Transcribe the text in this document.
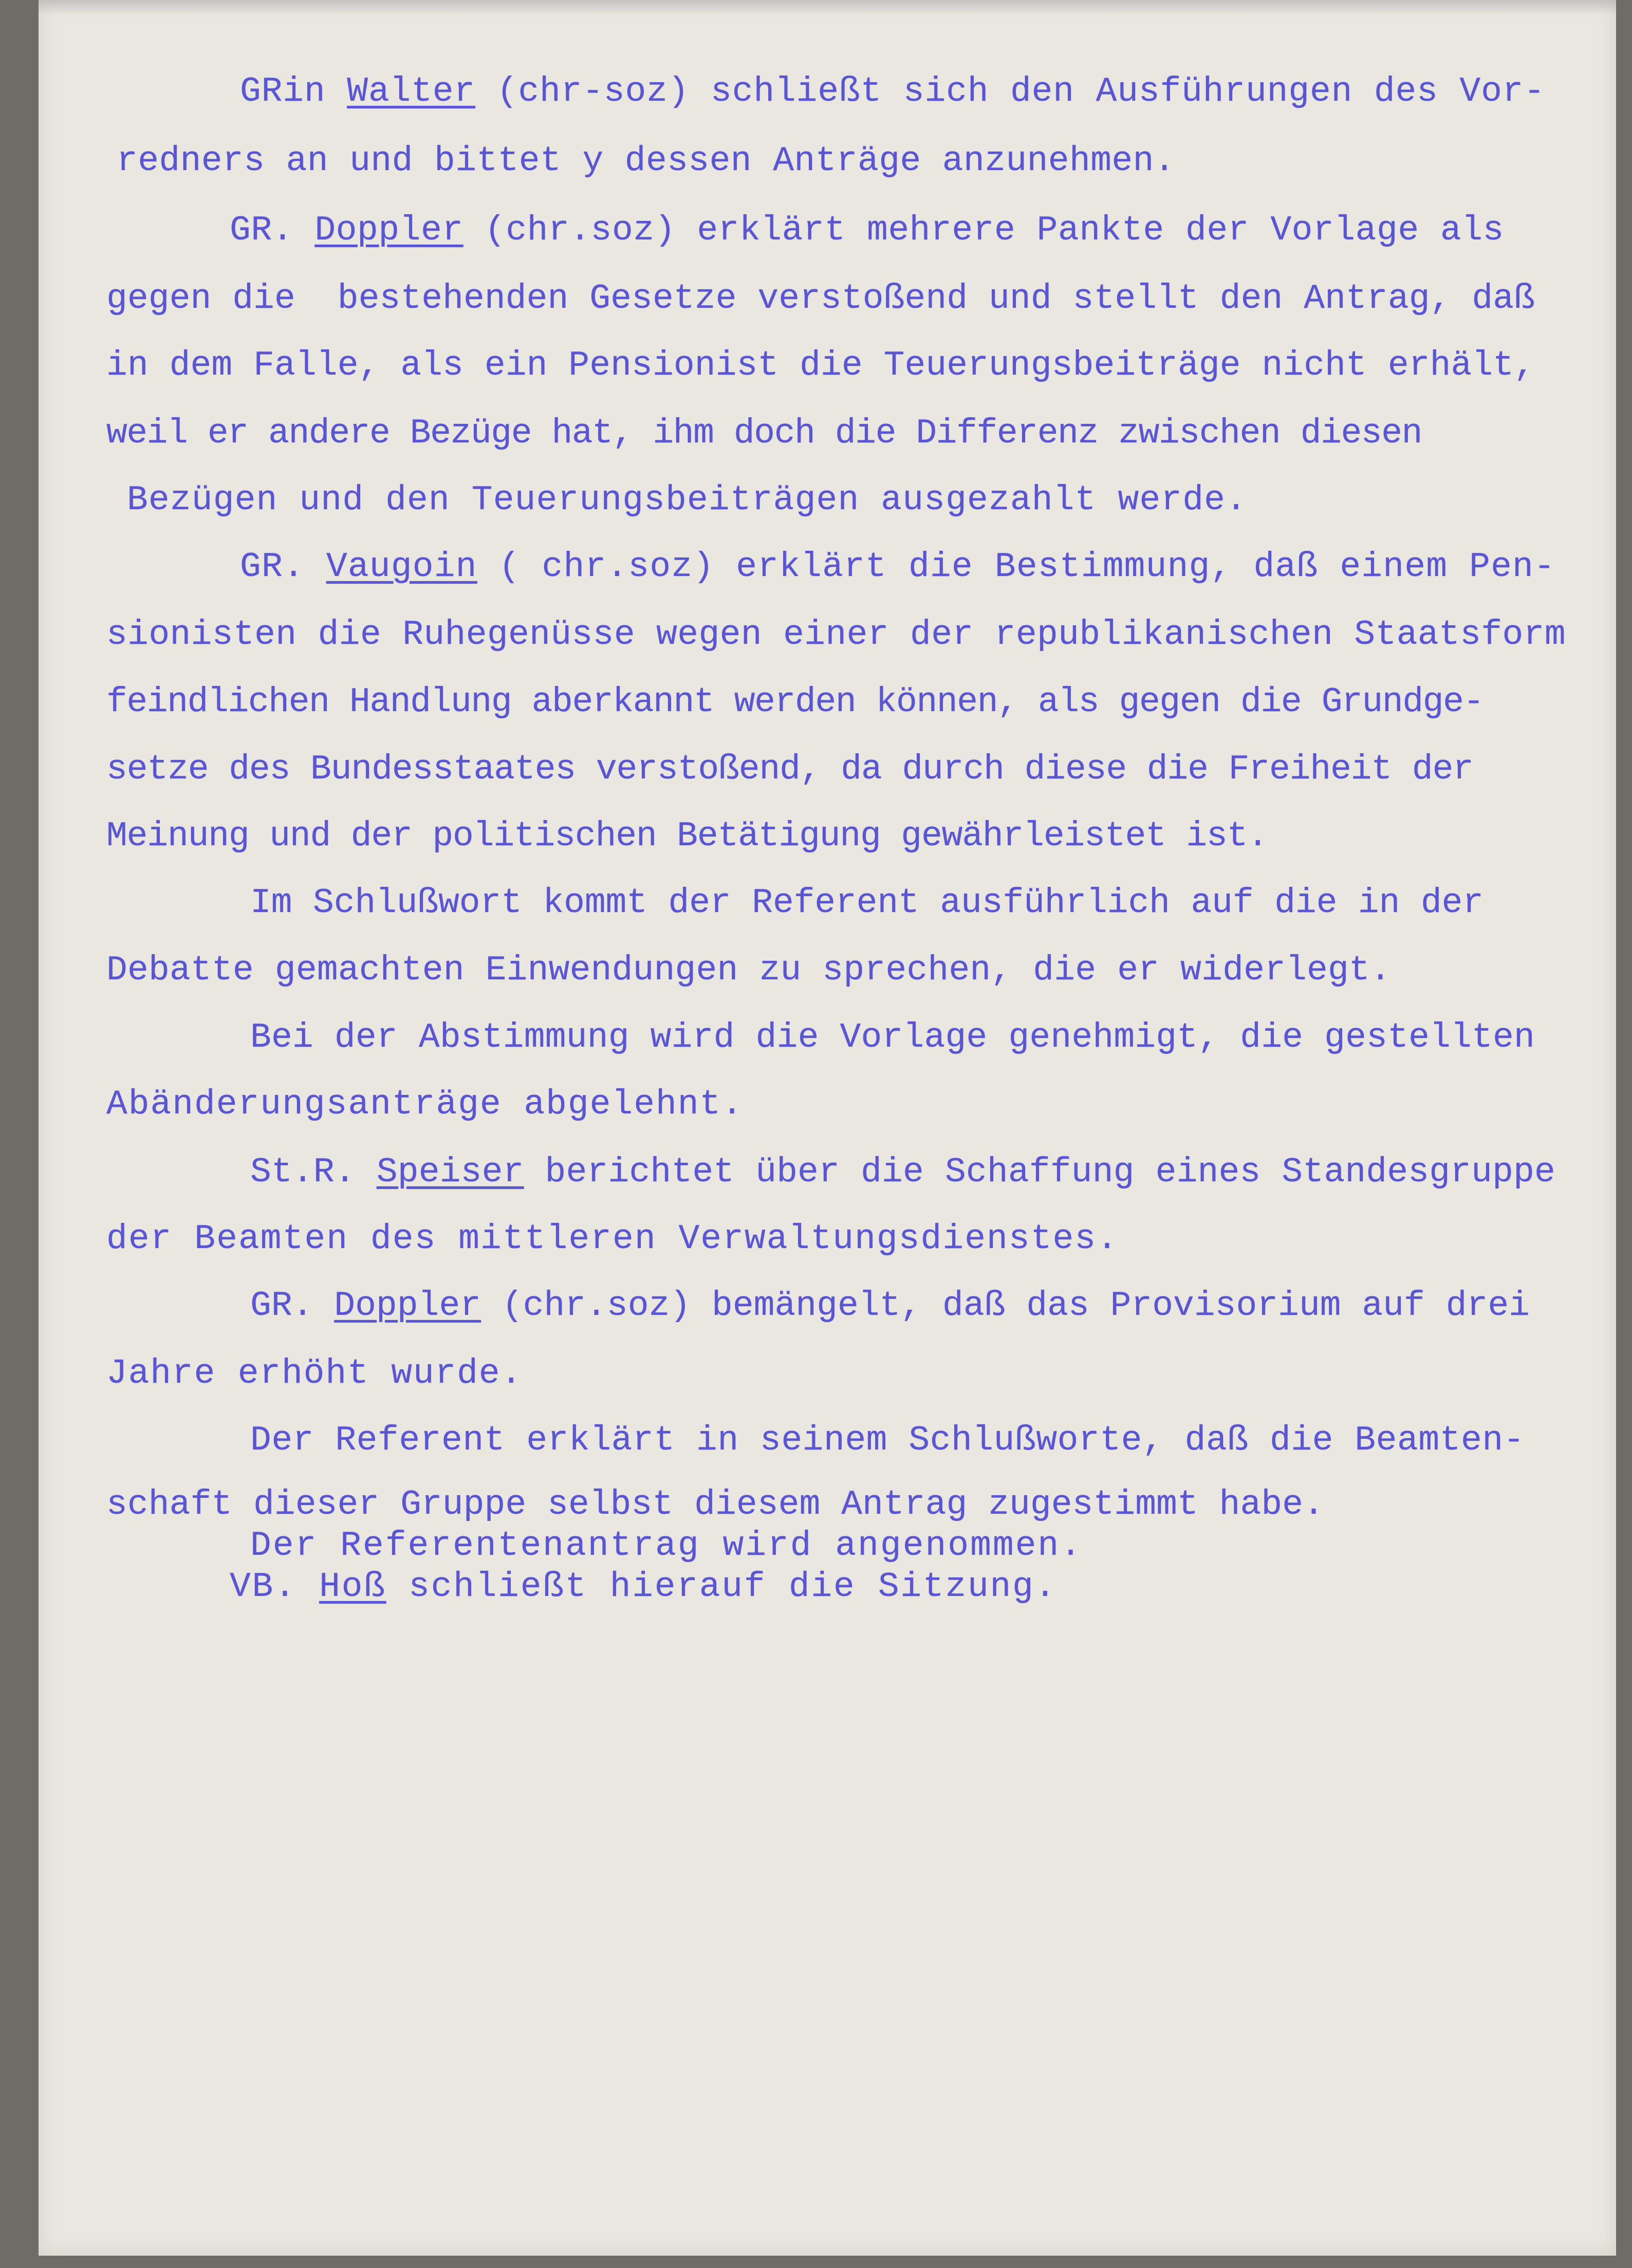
GRin Walter (chr-soz) schließt sich den Ausführungen des Vor-
redners an und bittet y dessen Anträge anzunehmen.
GR. Doppler (chr.soz) erklärt mehrere Pankte der Vorlage als
gegen die  bestehenden Gesetze verstoßend und stellt den Antrag, daß
in dem Falle, als ein Pensionist die Teuerungsbeiträge nicht erhält,
weil er andere Bezüge hat, ihm doch die Differenz zwischen diesen
Bezügen und den Teuerungsbeiträgen ausgezahlt werde.
GR. Vaugoin ( chr.soz) erklärt die Bestimmung, daß einem Pen-
sionisten die Ruhegenüsse wegen einer der republikanischen Staatsform
feindlichen Handlung aberkannt werden können, als gegen die Grundge-
setze des Bundesstaates verstoßend, da durch diese die Freiheit der
Meinung und der politischen Betätigung gewährleistet ist.
Im Schlußwort kommt der Referent ausführlich auf die in der
Debatte gemachten Einwendungen zu sprechen, die er widerlegt.
Bei der Abstimmung wird die Vorlage genehmigt, die gestellten
Abänderungsanträge abgelehnt.
St.R. Speiser berichtet über die Schaffung eines Standesgruppe
der Beamten des mittleren Verwaltungsdienstes.
GR. Doppler (chr.soz) bemängelt, daß das Provisorium auf drei
Jahre erhöht wurde.
Der Referent erklärt in seinem Schlußworte, daß die Beamten-
schaft dieser Gruppe selbst diesem Antrag zugestimmt habe.
Der Referentenantrag wird angenommen.
VB. Hoß schließt hierauf die Sitzung.
